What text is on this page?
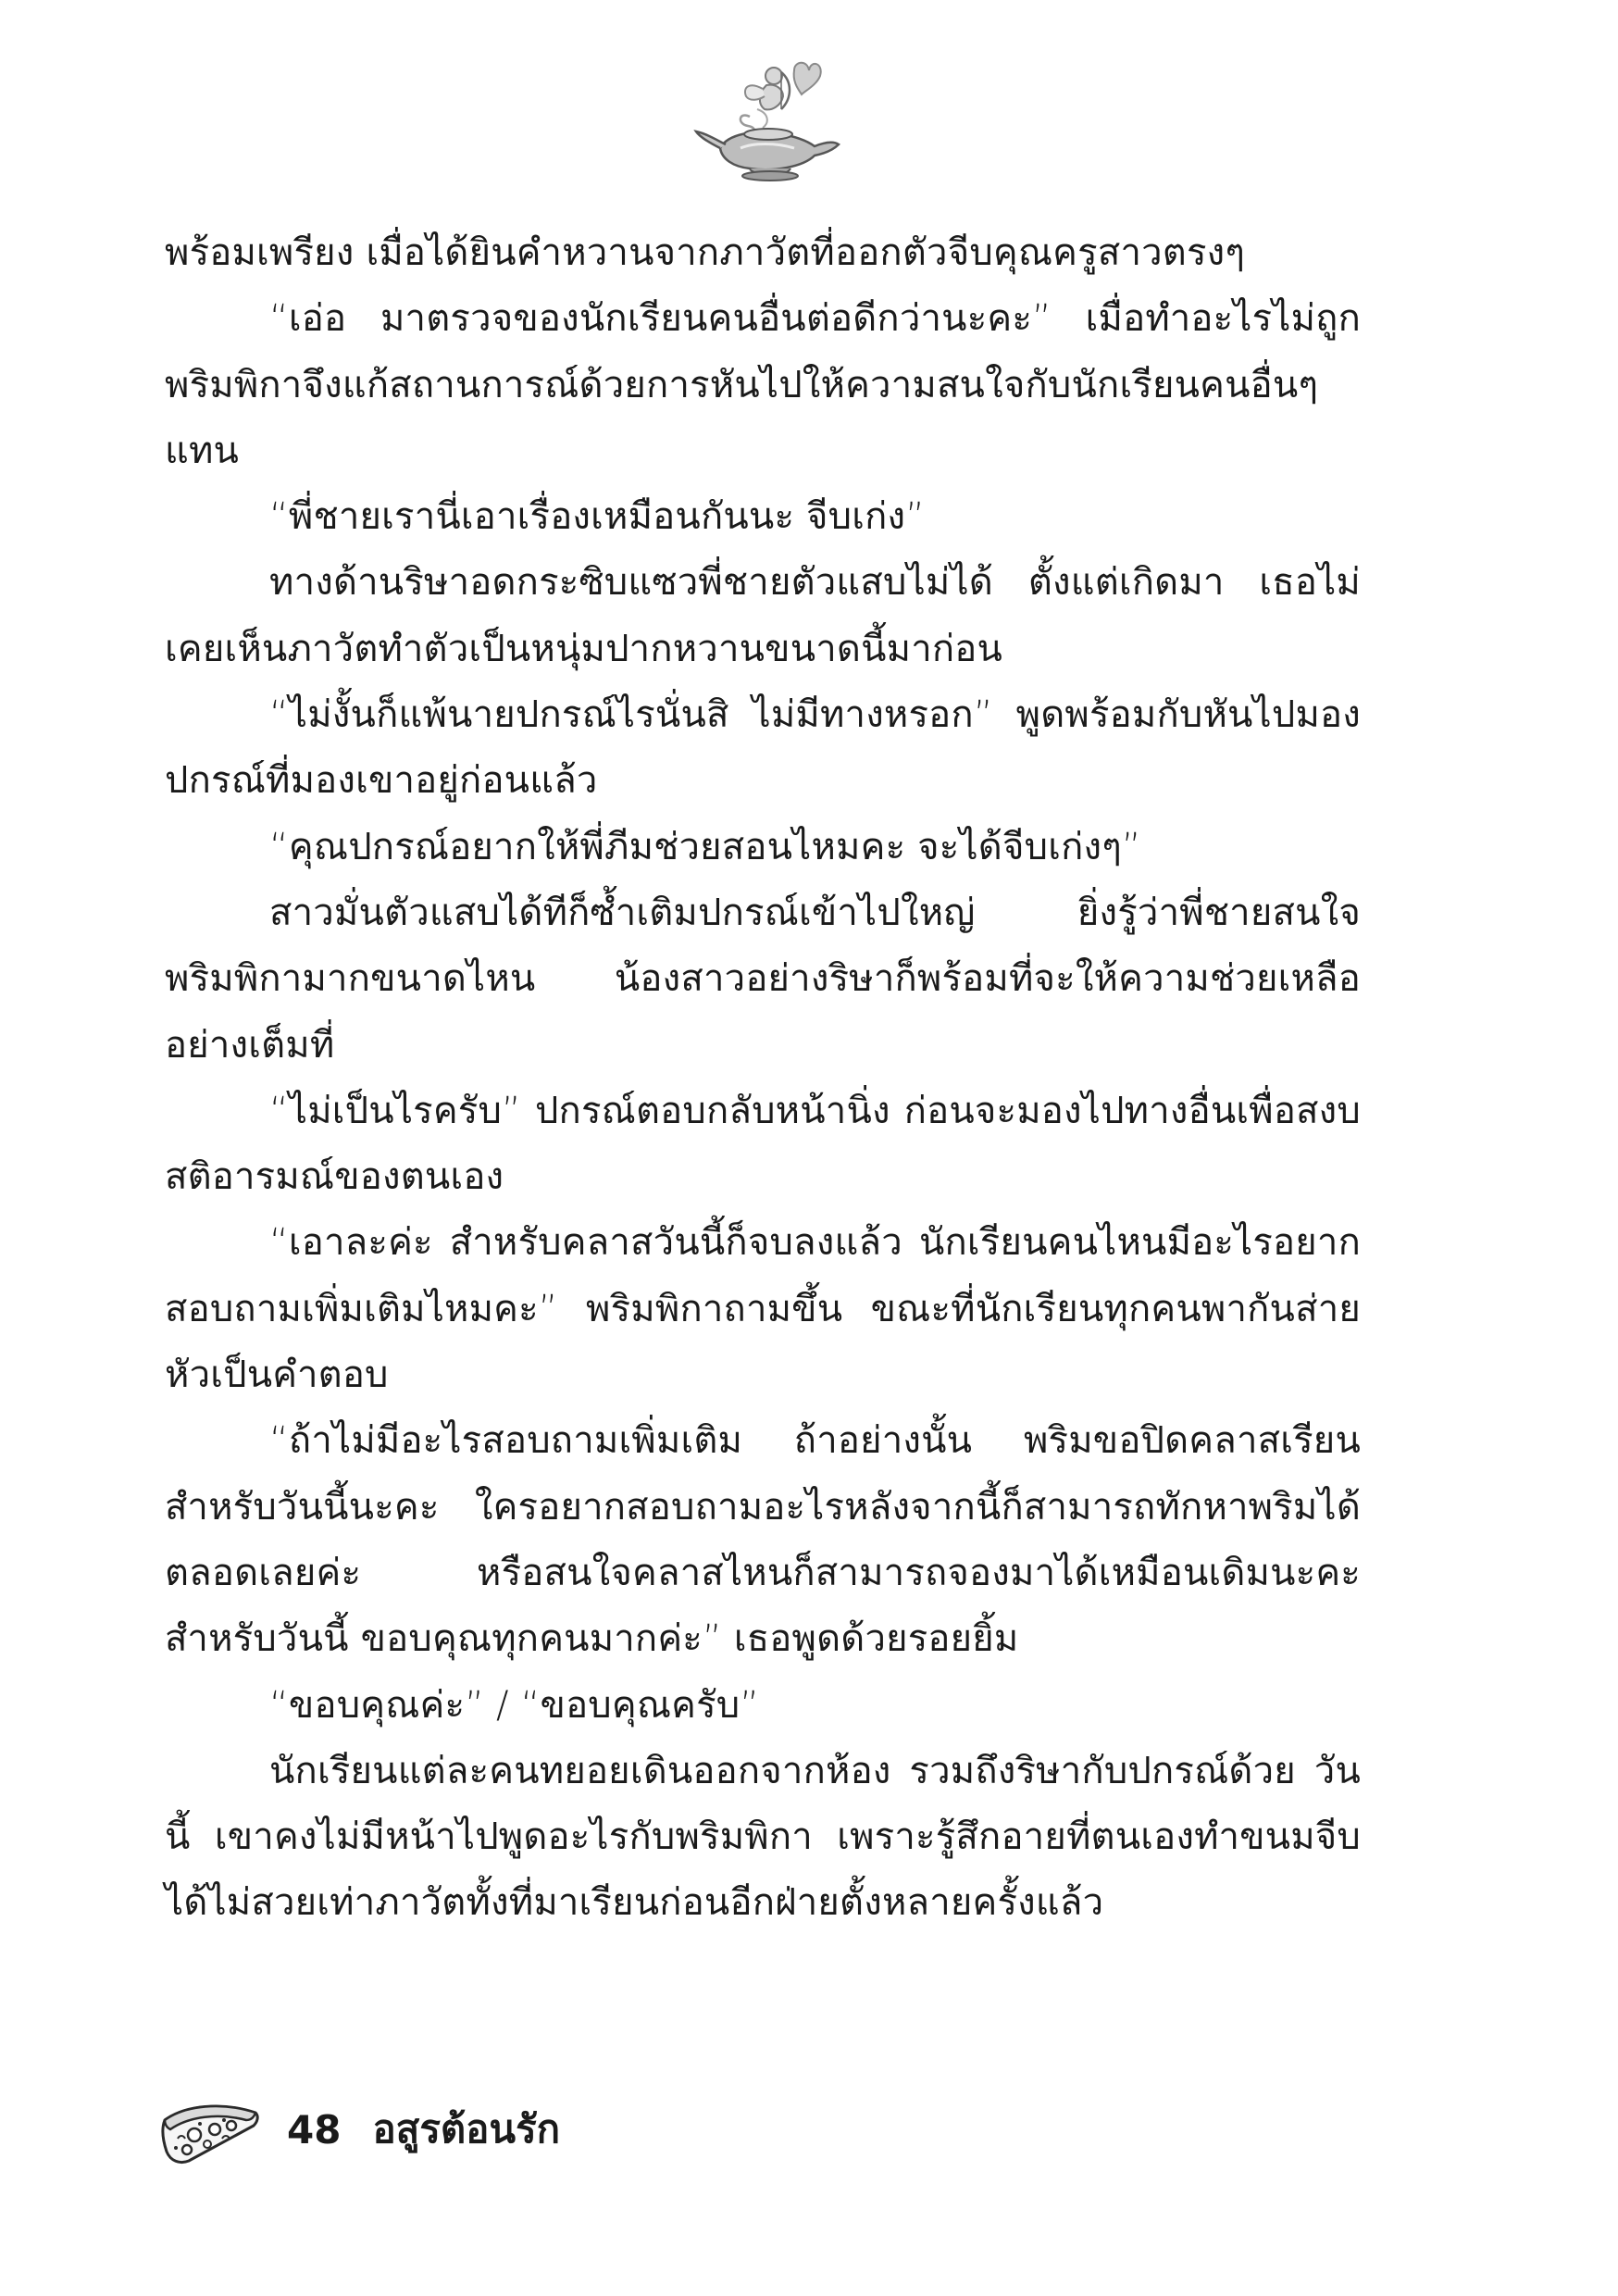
พร้อมเพรียง เมื่อได้ยินคำหวานจากภาวัตที่ออกตัวจีบคุณครูสาวตรงๆ

“เอ่อ มาตรวจของนักเรียนคนอื่นต่อดีกว่านะคะ” เมื่อทำอะไรไม่ถูก พริมพิกาจึงแก้สถานการณ์ด้วยการหันไปให้ความสนใจกับนักเรียนคนอื่นๆ แทน

“พี่ชายเรานี่เอาเรื่องเหมือนกันนะ จีบเก่ง”

ทางด้านริษาอดกระซิบแซวพี่ชายตัวแสบไม่ได้ ตั้งแต่เกิดมา เธอไม่เคยเห็นภาวัตทำตัวเป็นหนุ่มปากหวานขนาดนี้มาก่อน

“ไม่งั้นก็แพ้นายปกรณ์ไรนั่นสิ ไม่มีทางหรอก” พูดพร้อมกับหันไปมองปกรณ์ที่มองเขาอยู่ก่อนแล้ว

“คุณปกรณ์อยากให้พี่ภีมช่วยสอนไหมคะ จะได้จีบเก่งๆ”

สาวมั่นตัวแสบได้ทีก็ซ้ำเติมปกรณ์เข้าไปใหญ่ ยิ่งรู้ว่าพี่ชายสนใจพริมพิกามากขนาดไหน น้องสาวอย่างริษาก็พร้อมที่จะให้ความช่วยเหลืออย่างเต็มที่

“ไม่เป็นไรครับ” ปกรณ์ตอบกลับหน้านิ่ง ก่อนจะมองไปทางอื่นเพื่อสงบสติอารมณ์ของตนเอง

“เอาละค่ะ สำหรับคลาสวันนี้ก็จบลงแล้ว นักเรียนคนไหนมีอะไรอยากสอบถามเพิ่มเติมไหมคะ” พริมพิกาถามขึ้น ขณะที่นักเรียนทุกคนพากันส่ายหัวเป็นคำตอบ

“ถ้าไม่มีอะไรสอบถามเพิ่มเติม ถ้าอย่างนั้น พริมขอปิดคลาสเรียนสำหรับวันนี้นะคะ ใครอยากสอบถามอะไรหลังจากนี้ก็สามารถทักหาพริมได้ตลอดเลยค่ะ หรือสนใจคลาสไหนก็สามารถจองมาได้เหมือนเดิมนะคะ สำหรับวันนี้ ขอบคุณทุกคนมากค่ะ” เธอพูดด้วยรอยยิ้ม

“ขอบคุณค่ะ” / “ขอบคุณครับ”

นักเรียนแต่ละคนทยอยเดินออกจากห้อง รวมถึงริษากับปกรณ์ด้วย วันนี้ เขาคงไม่มีหน้าไปพูดอะไรกับพริมพิกา เพราะรู้สึกอายที่ตนเองทำขนมจีบได้ไม่สวยเท่าภาวัตทั้งที่มาเรียนก่อนอีกฝ่ายตั้งหลายครั้งแล้ว

48 อสูรต้อนรัก
